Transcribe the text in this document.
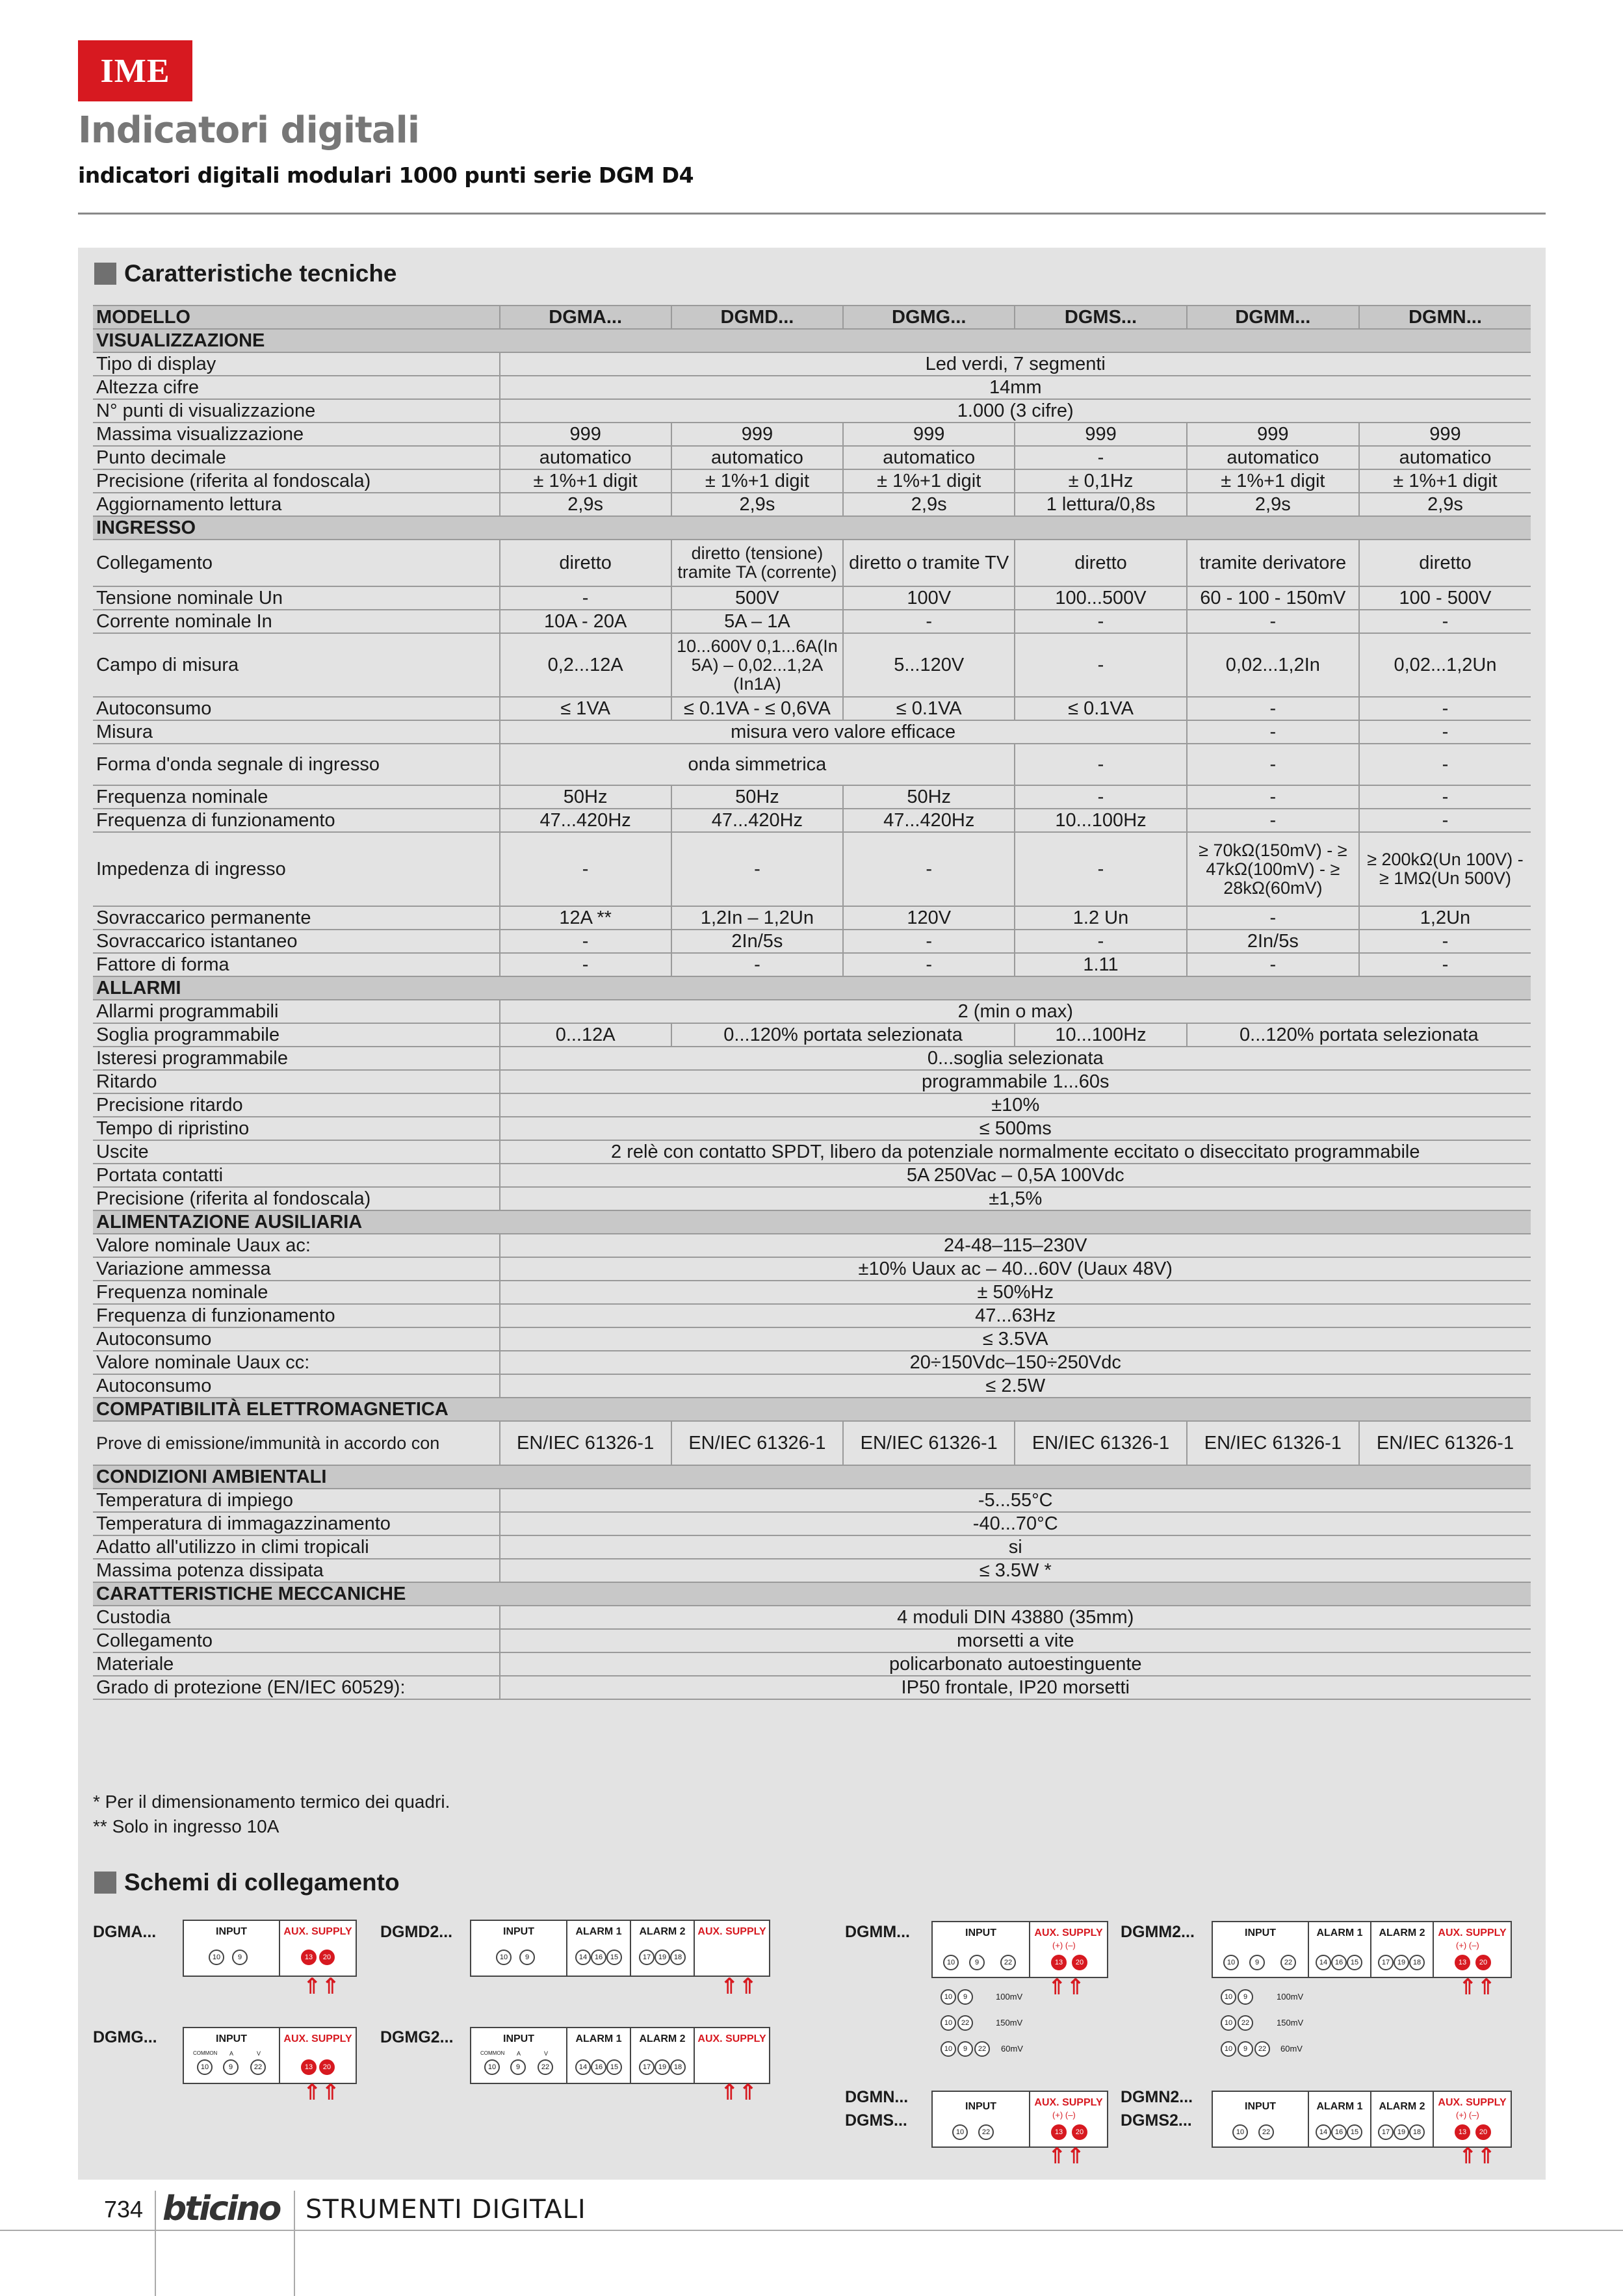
IME
Indicatori digitali
indicatori digitali modulari 1000 punti serie DGM D4
Caratteristiche tecniche
MODELLO	DGMA...	DGMD...	DGMG...	DGMS...	DGMM...	DGMN...
VISUALIZZAZIONE						
Tipo di display	Led verdi, 7 segmenti					
Altezza cifre	14mm					
N° punti di visualizzazione	1.000 (3 cifre)					
Massima visualizzazione	999	999	999	999	999	999
Punto decimale	automatico	automatico	automatico	-	automatico	automatico
Precisione (riferita al fondoscala)	± 1%+1 digit	± 1%+1 digit	± 1%+1 digit	± 0,1Hz	± 1%+1 digit	± 1%+1 digit
Aggiornamento lettura	2,9s	2,9s	2,9s	1 lettura/0,8s	2,9s	2,9s
INGRESSO						
Collegamento	diretto	diretto (tensione) tramite TA (corrente)	diretto o tramite TV	diretto	tramite derivatore	diretto
Tensione nominale Un	-	500V	100V	100...500V	60 - 100 - 150mV	100 - 500V
Corrente nominale In	10A - 20A	5A – 1A	-	-	-	-
Campo di misura	0,2...12A	10...600V 0,1...6A(In 5A) – 0,02...1,2A (In1A)	5...120V	-	0,02...1,2In	0,02...1,2Un
Autoconsumo	≤ 1VA	≤ 0.1VA - ≤ 0,6VA	≤ 0.1VA	≤ 0.1VA	-	-
Misura	misura vero valore efficace				-	-
Forma d'onda segnale di ingresso	onda simmetrica			-	-	-
Frequenza nominale	50Hz	50Hz	50Hz	-	-	-
Frequenza di funzionamento	47...420Hz	47...420Hz	47...420Hz	10...100Hz	-	-
Impedenza di ingresso	-	-	-	-	≥ 70kΩ(150mV) - ≥ 47kΩ(100mV) - ≥ 28kΩ(60mV)	≥ 200kΩ(Un 100V) - ≥ 1MΩ(Un 500V)
Sovraccarico permanente	12A **	1,2In – 1,2Un	120V	1.2 Un	-	1,2Un
Sovraccarico istantaneo	-	2In/5s	-	-	2In/5s	-
Fattore di forma	-	-	-	1.11	-	-
ALLARMI						
Allarmi programmabili	2 (min o max)					
Soglia programmabile	0...12A	0...120% portata selezionata		10...100Hz	0...120% portata selezionata	
Isteresi programmabile	0...soglia selezionata					
Ritardo	programmabile 1...60s					
Precisione ritardo	±10%					
Tempo di ripristino	≤ 500ms					
Uscite	2 relè con contatto SPDT, libero da potenziale normalmente eccitato o diseccitato programmabile					
Portata contatti	5A 250Vac – 0,5A 100Vdc					
Precisione (riferita al fondoscala)	±1,5%					
ALIMENTAZIONE AUSILIARIA						
Valore nominale Uaux ac:	24-48–115–230V					
Variazione ammessa	±10% Uaux ac – 40...60V (Uaux 48V)					
Frequenza nominale	± 50%Hz					
Frequenza di funzionamento	47...63Hz					
Autoconsumo	≤ 3.5VA					
Valore nominale Uaux cc:	20÷150Vdc–150÷250Vdc					
Autoconsumo	≤ 2.5W					
COMPATIBILITÀ ELETTROMAGNETICA						
Prove di emissione/immunità in accordo con	EN/IEC 61326-1	EN/IEC 61326-1	EN/IEC 61326-1	EN/IEC 61326-1	EN/IEC 61326-1	EN/IEC 61326-1
CONDIZIONI AMBIENTALI						
Temperatura di impiego	-5...55°C					
Temperatura di immagazzinamento	-40...70°C					
Adatto all'utilizzo in climi tropicali	si					
Massima potenza dissipata	≤ 3.5W *					
CARATTERISTICHE MECCANICHE						
Custodia	4 moduli DIN 43880 (35mm)					
Collegamento	morsetti a vite					
Materiale	policarbonato autoestinguente					
Grado di protezione (EN/IEC 60529):	IP50 frontale, IP20 morsetti					
* Per il dimensionamento termico dei quadri.
** Solo in ingresso 10A
Schemi di collegamento
DGMA...	INPUT	AUX. SUPPLY
10	9	13	20
⇑⇑
DGMD2...	INPUT	ALARM 1	ALARM 2	AUX. SUPPLY
10	9	14	16	15	17	19	18
⇑⇑
DGMG...	INPUT	AUX. SUPPLY
COMMON A	V
10	9	22	13	20
⇑⇑
DGMG2...	INPUT	ALARM 1	ALARM 2	AUX. SUPPLY
COMMON A	V
10	9	22	14	16	15	17	19	18
⇑⇑
DGMM...	INPUT	AUX. SUPPLY
(+) (–)
10	9	22	13	20
⇑⇑
10	9	100mV
10	22	150mV
10	9	22	60mV
DGMM2...	INPUT	ALARM 1	ALARM 2	AUX. SUPPLY
(+) (–)
10	9	22	14	16	15	17	19	18	13	20
⇑⇑
10	9	100mV
10	22	150mV
10	9	22	60mV
DGMN...
DGMS...
INPUT	AUX. SUPPLY
(+) (–)
10	22	13	20
⇑⇑
DGMN2...
DGMS2...
INPUT	ALARM 1	ALARM 2	AUX. SUPPLY
(+) (–)
10	22	14	16	15	17	19	18	13	20
⇑⇑
734 bticino STRUMENTI DIGITALI
